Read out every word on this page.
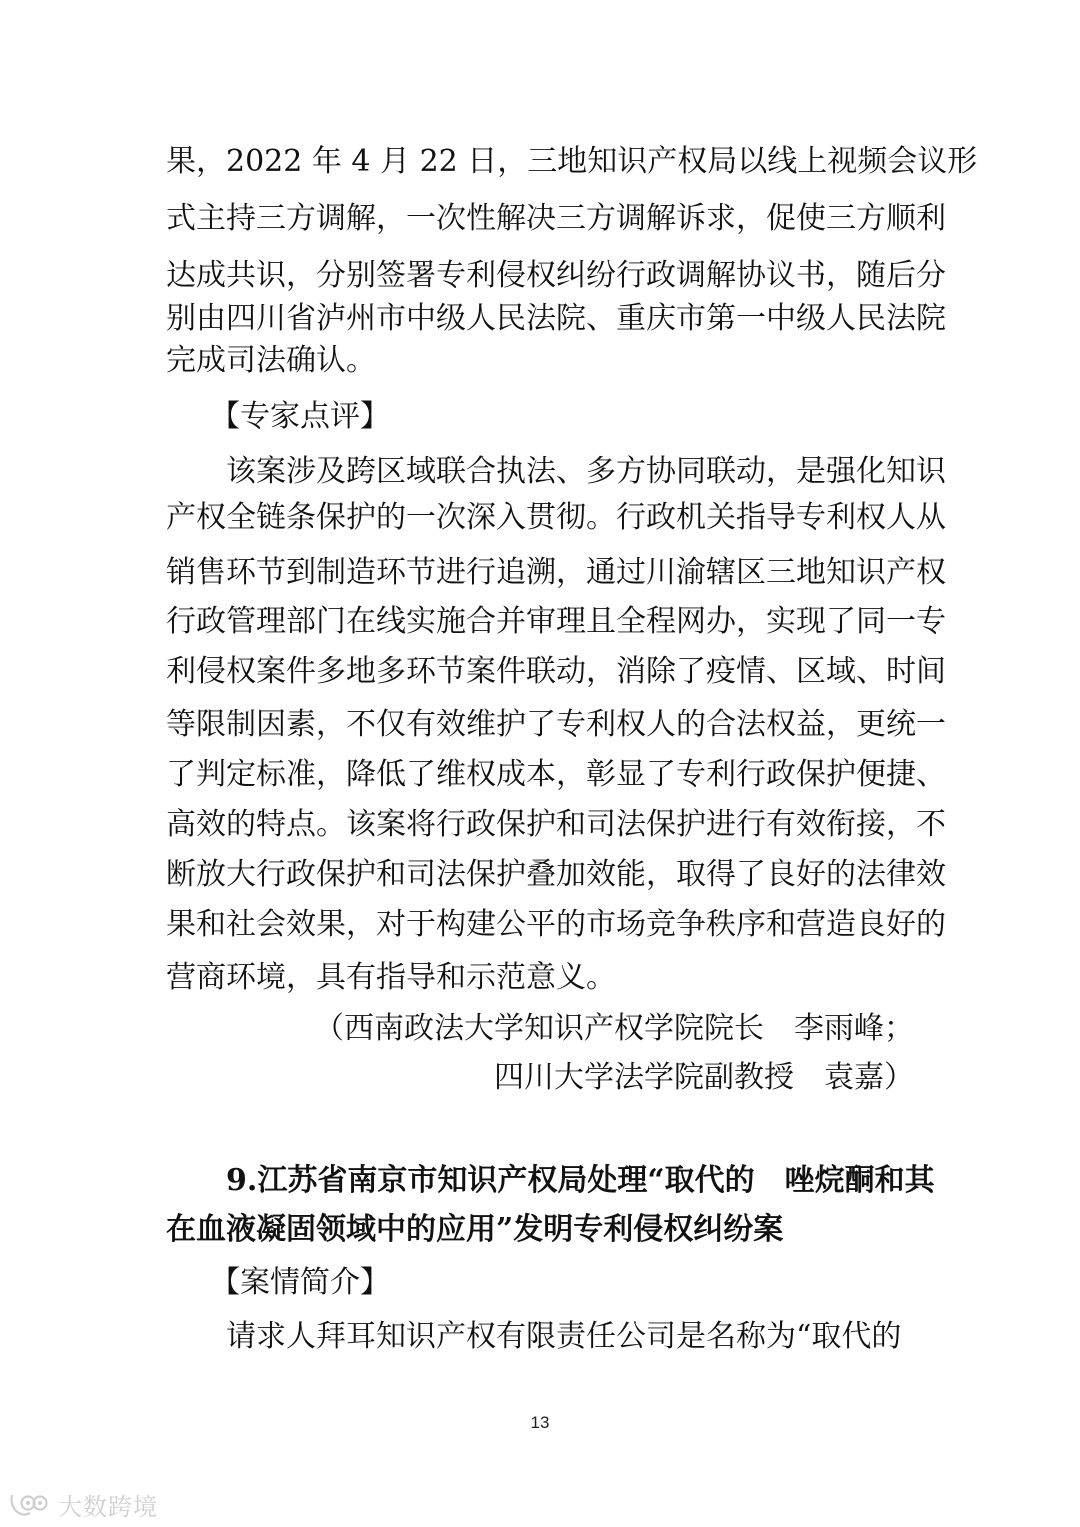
果，2022 年 4 月 22 日，三地知识产权局以线上视频会议形
式主持三方调解，一次性解决三方调解诉求，促使三方顺利
达成共识，分别签署专利侵权纠纷行政调解协议书，随后分
别由四川省泸州市中级人民法院、重庆市第一中级人民法院
完成司法确认。
【专家点评】
该案涉及跨区域联合执法、多方协同联动，是强化知识
产权全链条保护的一次深入贯彻。行政机关指导专利权人从
销售环节到制造环节进行追溯，通过川渝辖区三地知识产权
行政管理部门在线实施合并审理且全程网办，实现了同一专
利侵权案件多地多环节案件联动，消除了疫情、区域、时间
等限制因素，不仅有效维护了专利权人的合法权益，更统一
了判定标准，降低了维权成本，彰显了专利行政保护便捷、
高效的特点。该案将行政保护和司法保护进行有效衔接，不
断放大行政保护和司法保护叠加效能，取得了良好的法律效
果和社会效果，对于构建公平的市场竞争秩序和营造良好的
营商环境，具有指导和示范意义。
（西南政法大学知识产权学院院长　李雨峰；
四川大学法学院副教授　袁嘉）
9.江苏省南京市知识产权局处理“取代的　唑烷酮和其
在血液凝固领域中的应用”发明专利侵权纠纷案
【案情简介】
请求人拜耳知识产权有限责任公司是名称为“取代的
13
大数跨境
